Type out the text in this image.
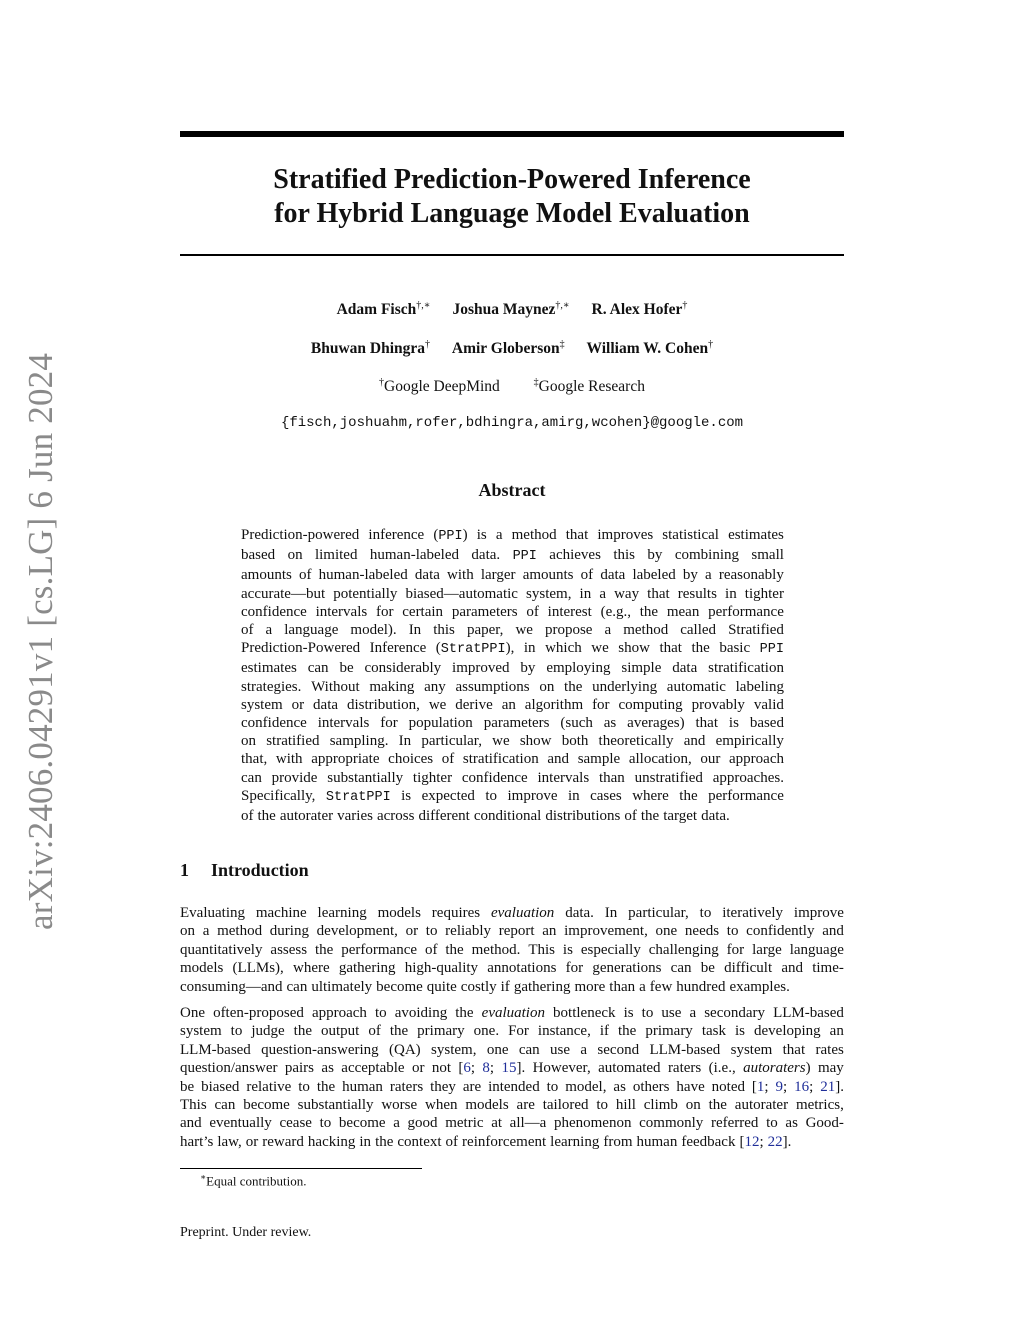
arXiv:2406.04291v1 [cs.LG] 6 Jun 2024
Stratified Prediction-Powered Inference
for Hybrid Language Model Evaluation
Adam Fisch†,∗ Joshua Maynez†,∗ R. Alex Hofer†
Bhuwan Dhingra† Amir Globerson‡ William W. Cohen†
†Google DeepMind	‡Google Research
{fisch,joshuahm,rofer,bdhingra,amirg,wcohen}@google.com
Abstract
Prediction-powered inference (PPI) is a method that improves statistical estimates
based on limited human-labeled data. PPI achieves this by combining small
amounts of human-labeled data with larger amounts of data labeled by a reasonably
accurate—but potentially biased—automatic system, in a way that results in tighter
confidence intervals for certain parameters of interest (e.g., the mean performance
of a language model). In this paper, we propose a method called Stratified
Prediction-Powered Inference (StratPPI), in which we show that the basic PPI
estimates can be considerably improved by employing simple data stratification
strategies. Without making any assumptions on the underlying automatic labeling
system or data distribution, we derive an algorithm for computing provably valid
confidence intervals for population parameters (such as averages) that is based
on stratified sampling. In particular, we show both theoretically and empirically
that, with appropriate choices of stratification and sample allocation, our approach
can provide substantially tighter confidence intervals than unstratified approaches.
Specifically, StratPPI is expected to improve in cases where the performance
of the autorater varies across different conditional distributions of the target data.
1 Introduction
Evaluating machine learning models requires evaluation data. In particular, to iteratively improve
on a method during development, or to reliably report an improvement, one needs to confidently and
quantitatively assess the performance of the method. This is especially challenging for large language
models (LLMs), where gathering high-quality annotations for generations can be difficult and time-
consuming—and can ultimately become quite costly if gathering more than a few hundred examples.
One often-proposed approach to avoiding the evaluation bottleneck is to use a secondary LLM-based
system to judge the output of the primary one. For instance, if the primary task is developing an
LLM-based question-answering (QA) system, one can use a second LLM-based system that rates
question/answer pairs as acceptable or not [6; 8; 15]. However, automated raters (i.e., autoraters) may
be biased relative to the human raters they are intended to model, as others have noted [1; 9; 16; 21].
This can become substantially worse when models are tailored to hill climb on the autorater metrics,
and eventually cease to become a good metric at all—a phenomenon commonly referred to as Good-
hart’s law, or reward hacking in the context of reinforcement learning from human feedback [12; 22].
∗Equal contribution.
Preprint. Under review.
